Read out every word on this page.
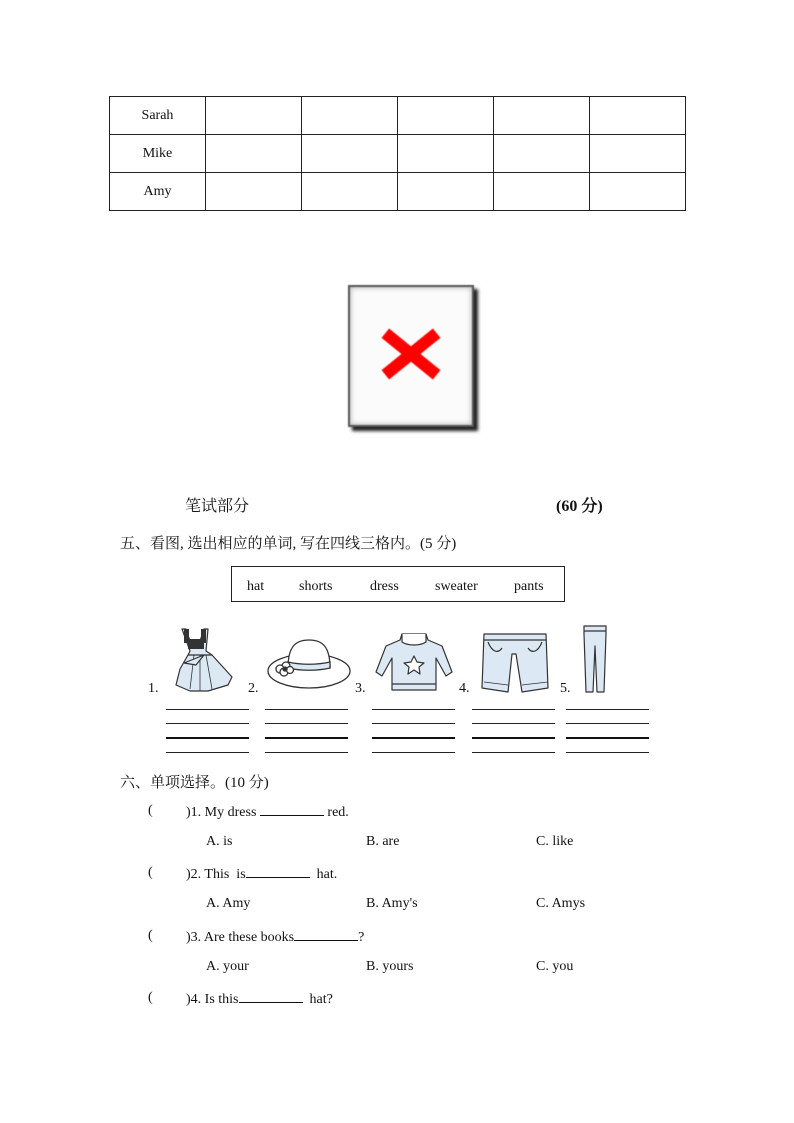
Sarah					
Mike					
Amy					
笔试部分	(60 分)
五、看图, 选出相应的单词, 写在四线三格内。(5 分)
hat shorts	dress	sweater	pants
1.	2.	3.	4.	5.
六、单项选择。(10 分)
( )1. My dress	red.
A. is	B. are	C. like
( )2. This  is	hat.
A. Amy	B. Amy's	C. Amys
( )3. Are these books	?
A. your	B. yours	C. you
( )4. Is this	hat?
